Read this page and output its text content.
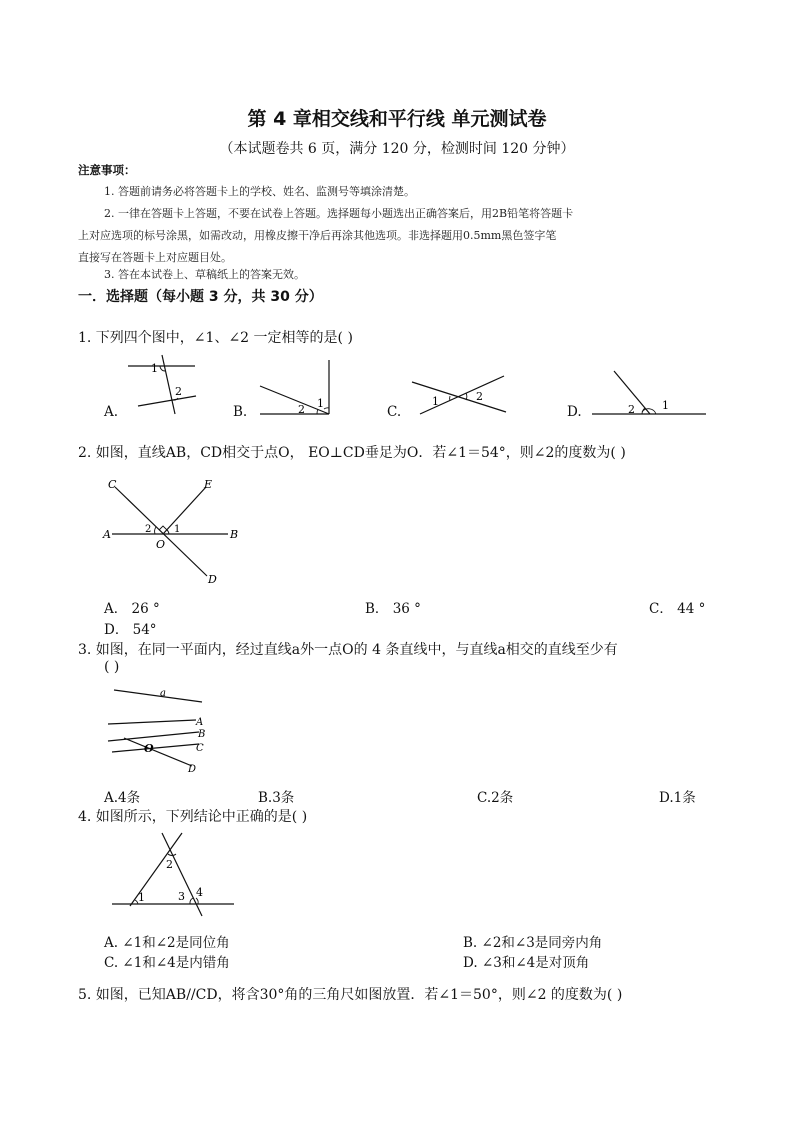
第 4 章相交线和平行线 单元测试卷
（本试题卷共 6 页，满分 120 分，检测时间 120 分钟）
注意事项：
1. 答题前请务必将答题卡上的学校、姓名、监测号等填涂清楚。
2. 一律在答题卡上答题，不要在试卷上答题。选择题每小题选出正确答案后，用2B铅笔将答题卡
上对应选项的标号涂黑，如需改动，用橡皮擦干净后再涂其他选项。非选择题用0.5mm黑色签字笔
直接写在答题卡上对应题目处。
3. 答在本试卷上、草稿纸上的答案无效。
一．选择题（每小题 3 分，共 30 分）
1. 下列四个图中，∠1、∠2 一定相等的是( )
A.	B.	C.	D.
1
2
2 1	1	2
2 1
2. 如图，直线AB，CD相交于点O， EO⊥CD垂足为O．若∠1＝54°，则∠2的度数为( )
C	E
A	B
D
O
2 1
A． 26 °	B． 36 °	C． 44 °
D． 54°
3. 如图，在同一平面内，经过直线a外一点O的 4 条直线中，与直线a相交的直线至少有
( )
a
A
B
C
D
O
A.4条	B.3条	C.2条	D.1条
4. 如图所示，下列结论中正确的是( )
1
2
3 4
A. ∠1和∠2是同位角	B. ∠2和∠3是同旁内角
C. ∠1和∠4是内错角	D. ∠3和∠4是对顶角
5. 如图，已知AB//CD，将含30°角的三角尺如图放置．若∠1＝50°，则∠2 的度数为( )
